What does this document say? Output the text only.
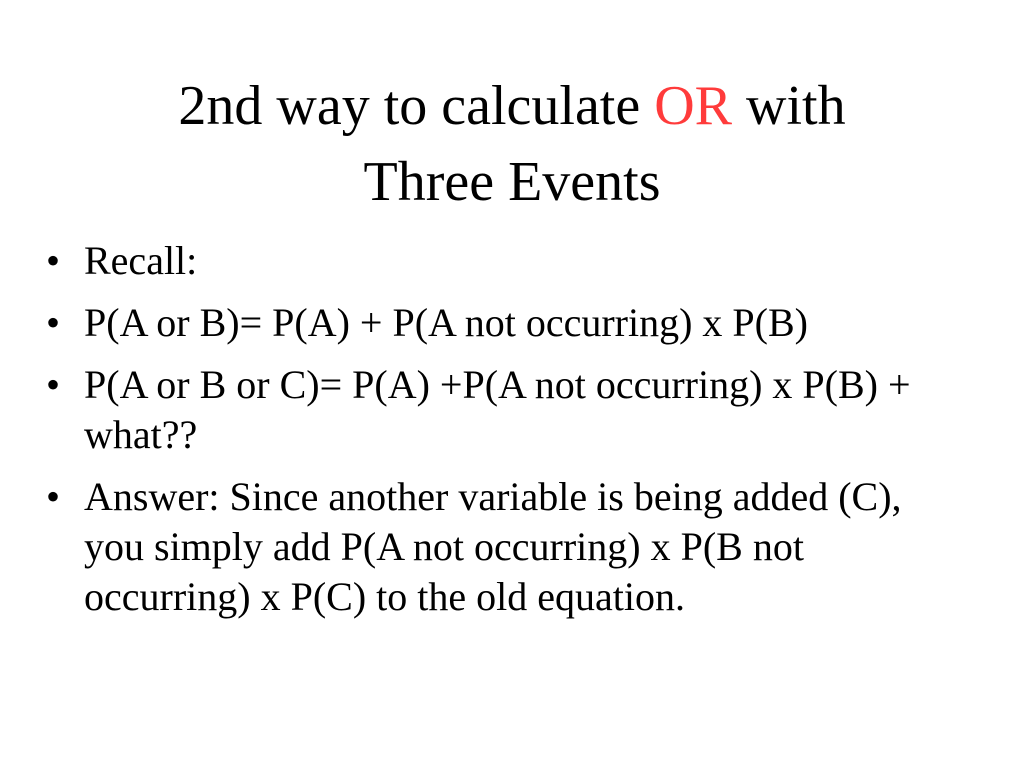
2nd way to calculate OR with
Three Events
• Recall:
• P(A or B)= P(A) + P(A not occurring) x P(B)
• P(A or B or C)= P(A) +P(A not occurring) x P(B) + what??
• Answer: Since another variable is being added (C), you simply add P(A not occurring) x P(B not occurring) x P(C) to the old equation.
